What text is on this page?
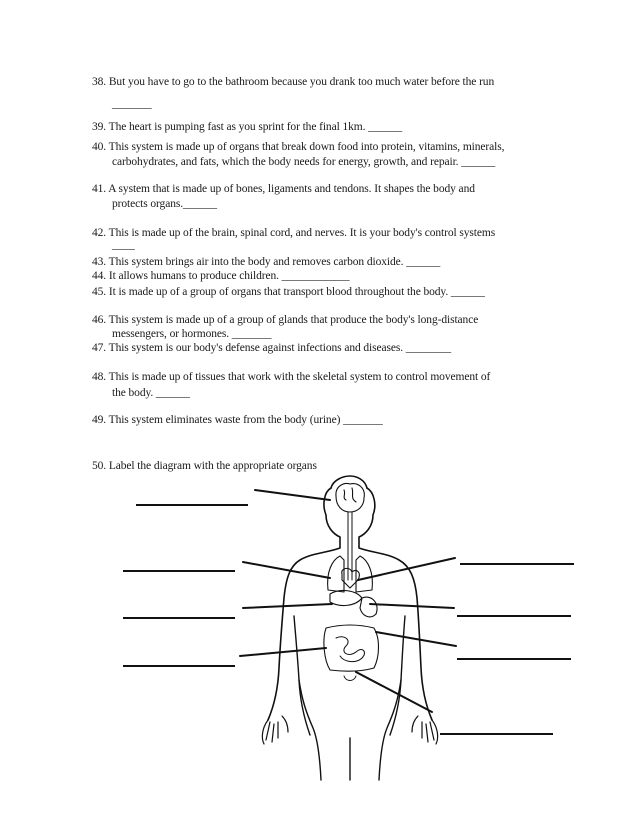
38. But you have to go to the bathroom because you drank too much water before the run
_______
39. The heart is pumping fast as you sprint for the final 1km. ______
40. This system is made up of organs that break down food into protein, vitamins, minerals,
carbohydrates, and fats, which the body needs for energy, growth, and repair. ______
41. A system that is made up of bones, ligaments and tendons. It shapes the body and
protects organs.______
42. This is made up of the brain, spinal cord, and nerves. It is your body's control systems
____
43. This system brings air into the body and removes carbon dioxide. ______
44. It allows humans to produce children. ____________
45. It is made up of a group of organs that transport blood throughout the body. ______
46. This system is made up of a group of glands that produce the body's long-distance
messengers, or hormones. _______
47. This system is our body's defense against infections and diseases. ________
48. This is made up of tissues that work with the skeletal system to control movement of
the body. ______
49. This system eliminates waste from the body (urine) _______
50. Label the diagram with the appropriate organs
